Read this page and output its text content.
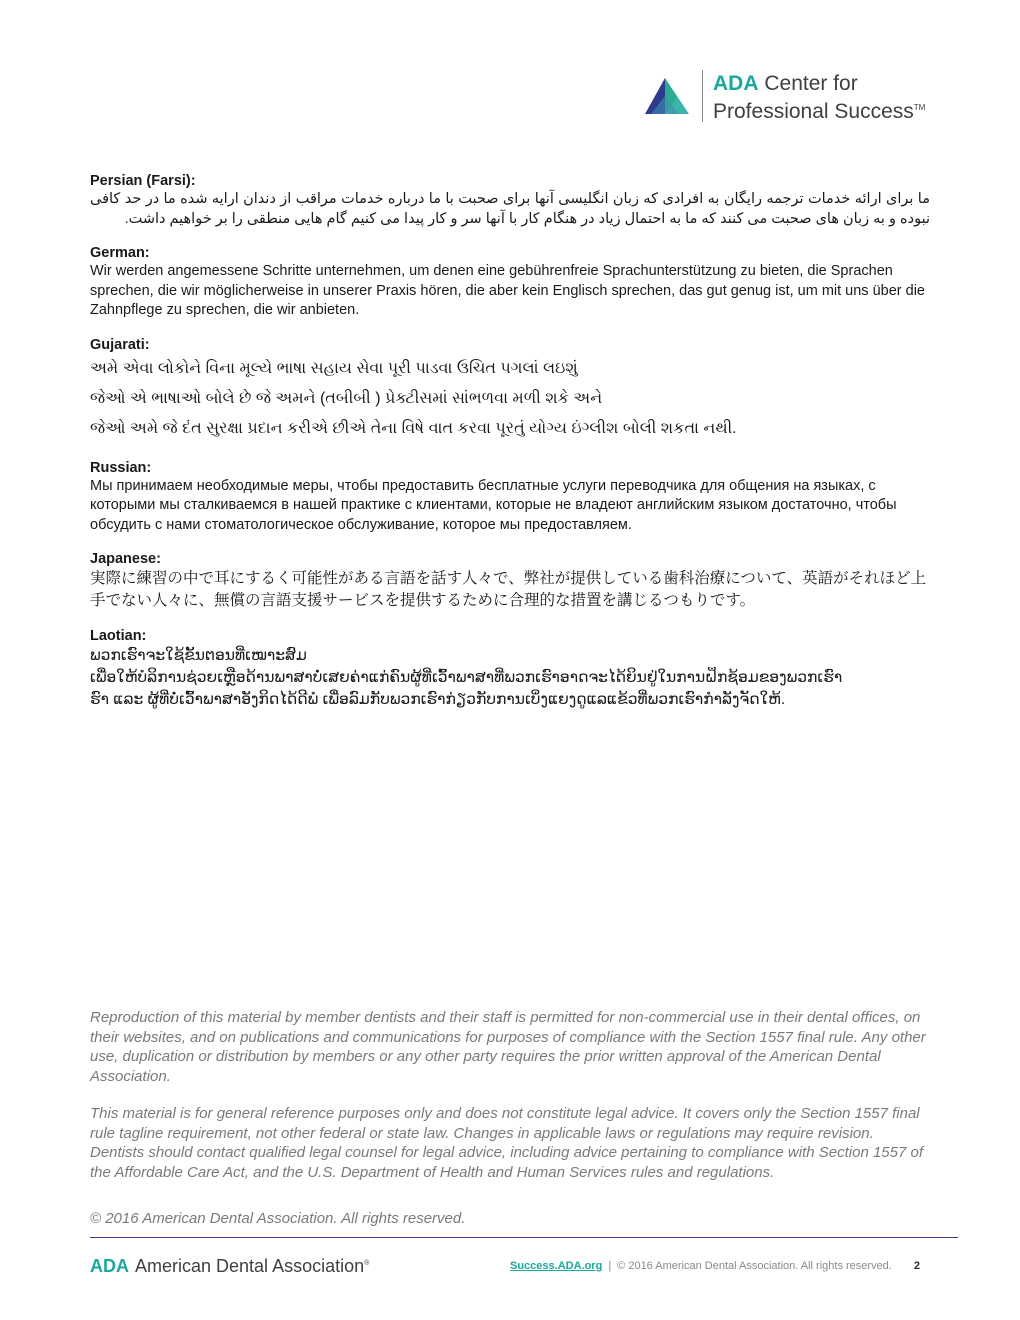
ADA Center for
Professional Success™
Persian (Farsi):
ما برای ارائه خدمات ترجمه رایگان به افرادی که زبان انگلیسی آنها برای صحبت با ما درباره خدمات مراقب از دندان ارایه شده ما در حد کافی نبوده و به زبان های صحبت می کنند که ما به احتمال زیاد در هنگام کار با آنها سر و کار پیدا می کنیم گام هایی منطقی را بر خواهیم داشت.
German:
Wir werden angemessene Schritte unternehmen, um denen eine gebührenfreie Sprachunterstützung zu bieten, die Sprachen sprechen, die wir möglicherweise in unserer Praxis hören, die aber kein Englisch sprechen, das gut genug ist, um mit uns über die Zahnpflege zu sprechen, die wir anbieten.
Gujarati:
અમે એવા લોકોને વિના મૂલ્યે ભાષા સહાય સેવા પૂરી પાડવા ઉચિત પગલાં લઇશું
જેઓ એ ભાષાઓ બોલે છે જે અમને (તબીબી ) પ્રેક્ટીસમાં સાંભળવા મળી શકે અને
જેઓ અમે જે દંત સુરક્ષા પ્રદાન કરીએ છીએ તેના વિષે વાત કરવા પૂરતું યોગ્ય ઇંગ્લીશ બોલી શકતા નથી.
Russian:
Мы принимаем необходимые меры, чтобы предоставить бесплатные услуги переводчика для общения на языках, с которыми мы сталкиваемся в нашей практике с клиентами, которые не владеют английским языком достаточно, чтобы обсудить с нами стоматологическое обслуживание, которое мы предоставляем.
Japanese:
実際に練習の中で耳にするく可能性がある言語を話す人々で、弊社が提供している歯科治療について、英語がそれほど上手でない人々に、無償の言語支援サービスを提供するために合理的な措置を講じるつもりです。
Laotian:
ພວກເຮົາຈະໃຊ້ຂັ້ນຕອນທີ່ເໝາະສົມ
ເພື່ອໃຫ້ບໍລິການຊ່ວຍເຫຼືອດ້ານພາສາບໍ່ເສຍຄ່າແກ່ຄົນຜູ້ທີ່ເວົ້າພາສາທີ່ພວກເຮົາອາດຈະໄດ້ຍິນຢູ່ໃນການຝຶກຊ້ອມຂອງພວກເຮົາ
ຮົາ ແລະ ຜູ້ທີ່ບໍ່ເວົ້າພາສາອັງກິດໄດ້ດີພໍ ເພື່ອລົມກັບພວກເຮົາກ່ຽວກັບການເບິ່ງແຍງດູແລແຂ້ວທີ່ພວກເຮົາກໍາລັງຈັດໃຫ້.
Reproduction of this material by member dentists and their staff is permitted for non-commercial use in their dental offices, on their websites, and on publications and communications for purposes of compliance with the Section 1557 final rule. Any other use, duplication or distribution by members or any other party requires the prior written approval of the American Dental Association.
This material is for general reference purposes only and does not constitute legal advice. It covers only the Section 1557 final rule tagline requirement, not other federal or state law. Changes in applicable laws or regulations may require revision. Dentists should contact qualified legal counsel for legal advice, including advice pertaining to compliance with Section 1557 of the Affordable Care Act, and the U.S. Department of Health and Human Services rules and regulations.
© 2016 American Dental Association. All rights reserved.
ADA American Dental Association®	Success.ADA.org | © 2016 American Dental Association. All rights reserved. 2
